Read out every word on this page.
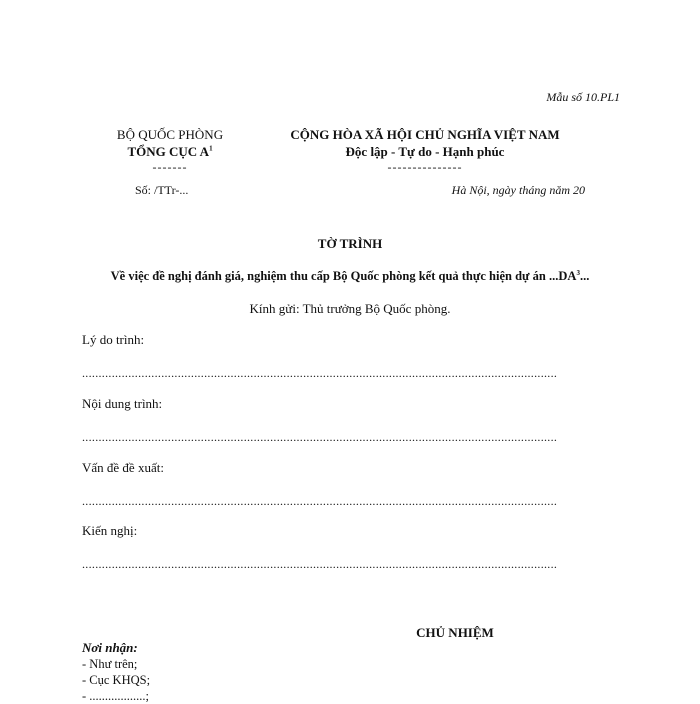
Mẫu số 10.PL1
BỘ QUỐC PHÒNG
TỔNG CỤC $A^1$
-------
Số: /TTr-...
CỘNG HÒA XÃ HỘI CHỦ NGHĨA VIỆT NAM
Độc lập - Tự do - Hạnh phúc
---------------
Hà Nội, ngày tháng năm 20
TỜ TRÌNH
Về việc đề nghị đánh giá, nghiệm thu cấp Bộ Quốc phòng kết quả thực hiện dự án $...DA^3$...
Kính gửi: Thủ trưởng Bộ Quốc phòng.
Lý do trình:
................................................................................................................................................
Nội dung trình:
................................................................................................................................................
Vấn đề đề xuất:
................................................................................................................................................
Kiến nghị:
................................................................................................................................................
CHỦ NHIỆM
Nơi nhận:
- Như trên;
- Cục KHQS;
- ..................;
